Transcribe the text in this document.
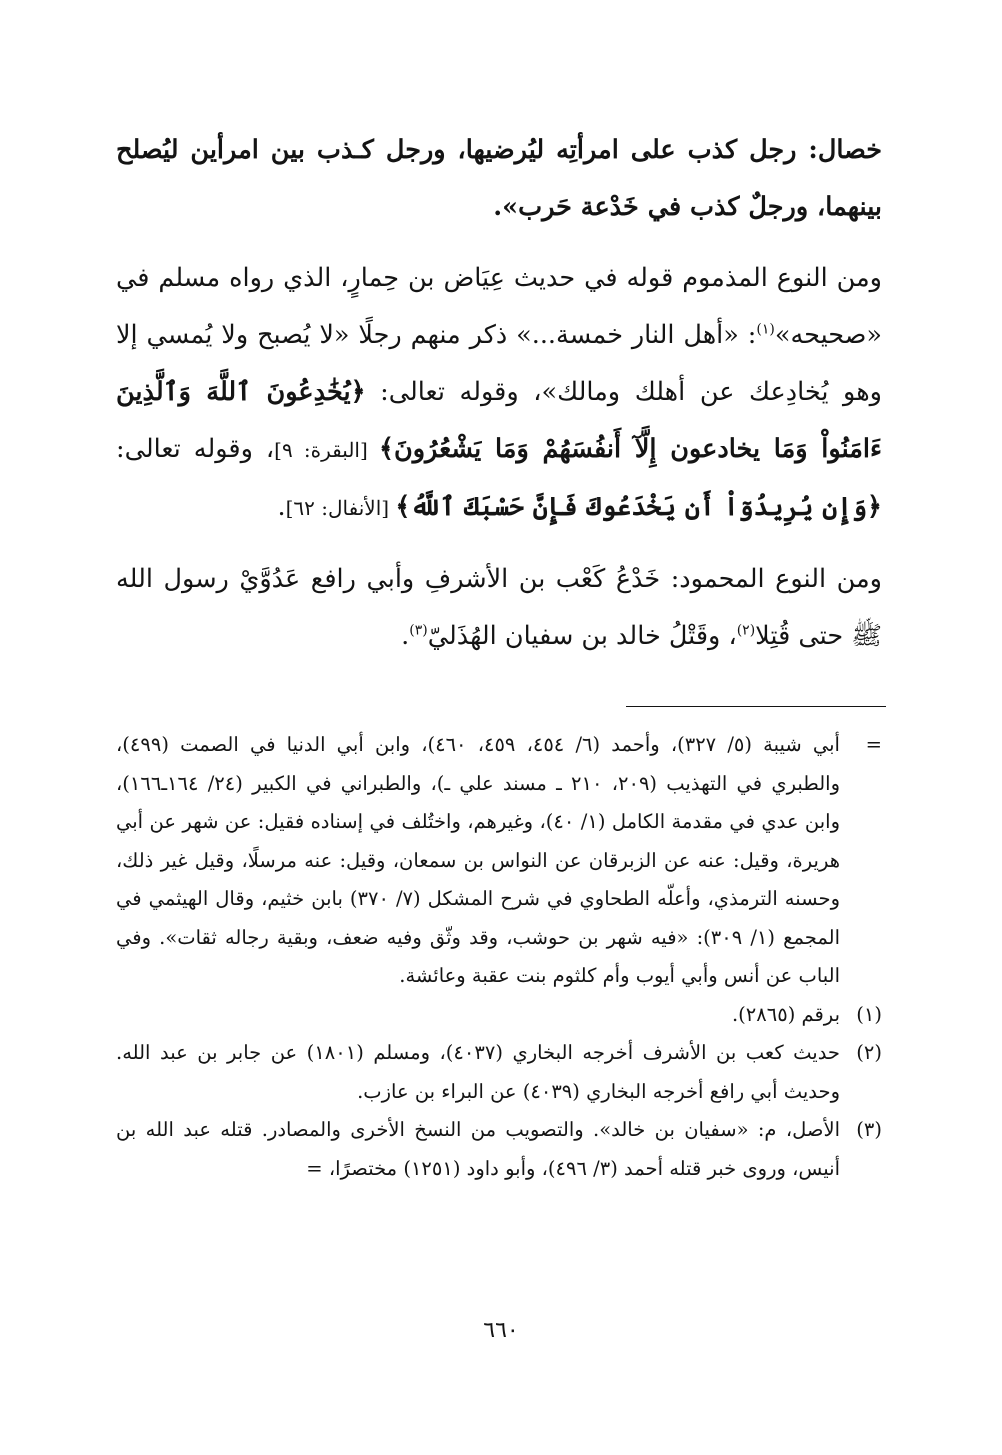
خصال: رجل كذب على امرأتِه ليُرضيها، ورجل كـذب بين امرأين ليُصلح بينهما، ورجلٌ كذب في خَدْعة حَرب».

ومن النوع المذموم قوله في حديث عِيَاض بن حِمارٍ، الذي رواه مسلم في «صحيحه»$^{(١)}$: «أهل النار خمسة...» ذكر منهم رجلًا «لا يُصبح ولا يُمسي إلا وهو يُخادِعك عن أهلك ومالك»، وقوله تعالى: ﴿يُخَٰدِعُونَ ٱللَّهَ وَٱلَّذِينَ ءَامَنُواْ وَمَا يخادعون إِلَّآ أَنفُسَهُمْ وَمَا يَشْعُرُونَ﴾ [البقرة: ٩]، وقوله تعالى: ﴿وَإِن يُرِيدُوٓاْ أَن يَخْدَعُوكَ فَإِنَّ حَسْبَكَ ٱللَّهُ﴾ [الأنفال: ٦٢].

ومن النوع المحمود: خَدْعُ كَعْب بن الأشرفِ وأبي رافع عَدُوَّيْ رسول الله ﷺ حتى قُتِلا$^{(٢)}$، وقَتْلُ خالد بن سفيان الهُذَليّ$^{(٣)}$.

=
أبي شيبة (٥/ ٣٢٧)، وأحمد (٦/ ٤٥٤، ٤٥٩، ٤٦٠)، وابن أبي الدنيا في الصمت (٤٩٩)، والطبري في التهذيب (٢٠٩، ٢١٠ ـ مسند علي ـ)، والطبراني في الكبير (٢٤/ ١٦٤ـ١٦٦)، وابن عدي في مقدمة الكامل (١/ ٤٠)، وغيرهم، واختُلف في إسناده فقيل: عن شهر عن أبي هريرة، وقيل: عنه عن الزبرقان عن النواس بن سمعان، وقيل: عنه مرسلًا، وقيل غير ذلك، وحسنه الترمذي، وأعلّه الطحاوي في شرح المشكل (٧/ ٣٧٠) بابن خثيم، وقال الهيثمي في المجمع (١/ ٣٠٩): «فيه شهر بن حوشب، وقد وثّق وفيه ضعف، وبقية رجاله ثقات». وفي الباب عن أنس وأبي أيوب وأم كلثوم بنت عقبة وعائشة.
(١)
برقم (٢٨٦٥).
(٢)
حديث كعب بن الأشرف أخرجه البخاري (٤٠٣٧)، ومسلم (١٨٠١) عن جابر بن عبد الله. وحديث أبي رافع أخرجه البخاري (٤٠٣٩) عن البراء بن عازب.
(٣)
الأصل، م: «سفيان بن خالد». والتصويب من النسخ الأخرى والمصادر. قتله عبد الله بن أنيس، وروى خبر قتله أحمد (٣/ ٤٩٦)، وأبو داود (١٢٥١) مختصرًا، =
٦٦٠
